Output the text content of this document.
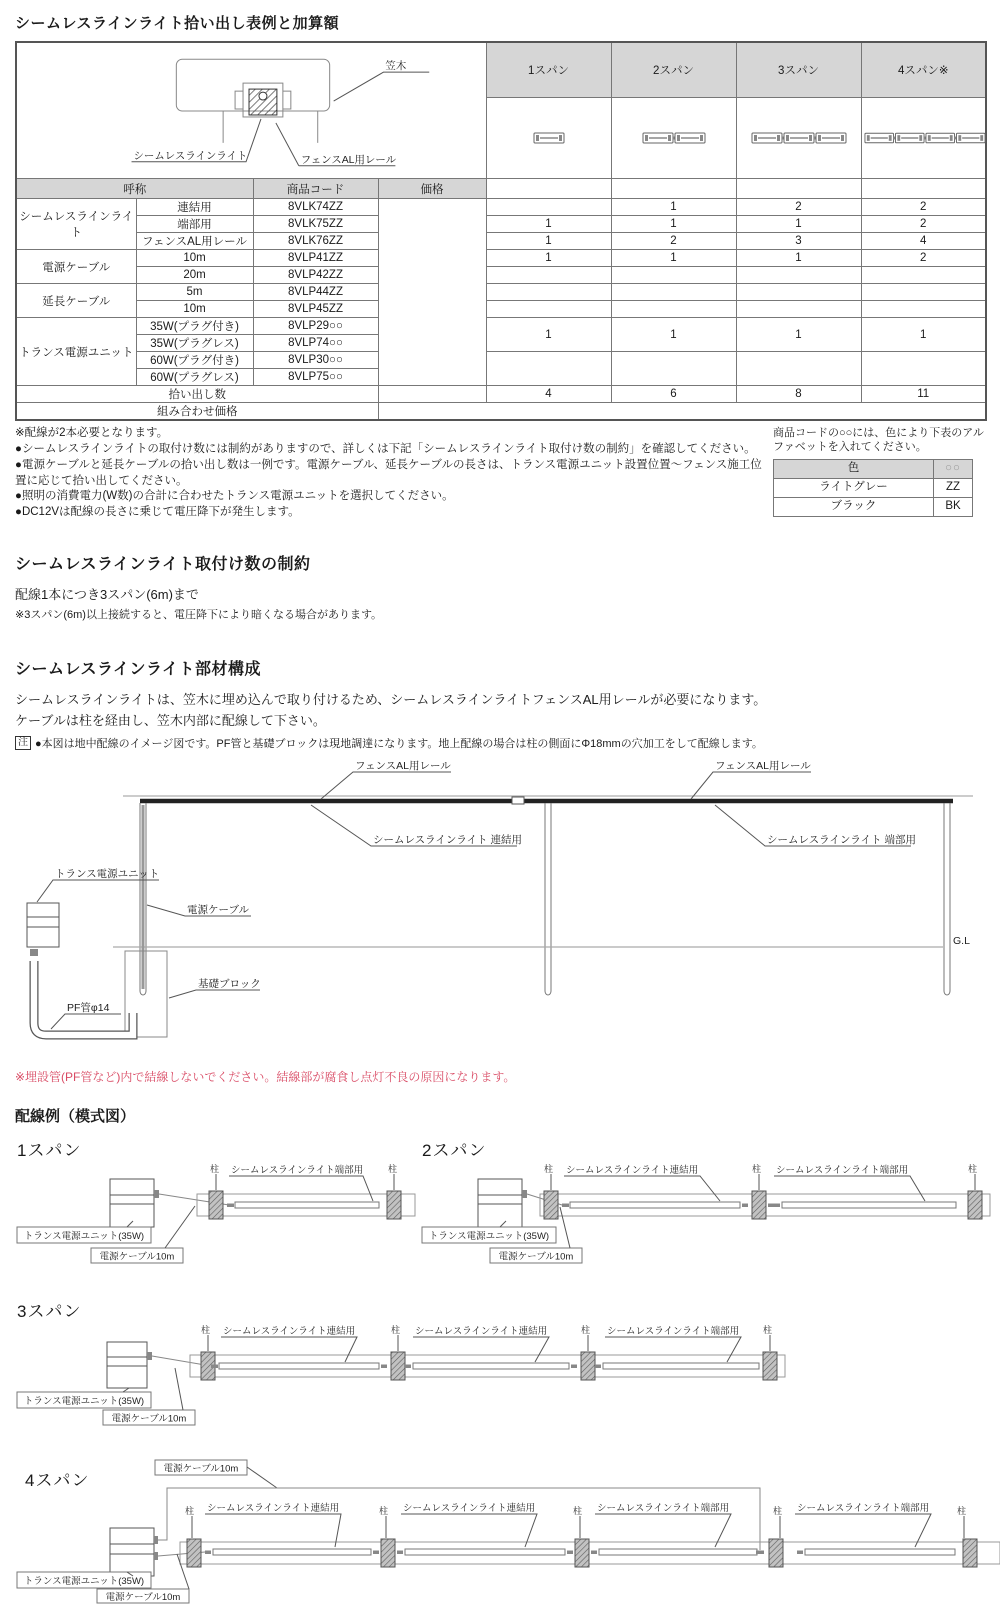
シームレスラインライト拾い出し表例と加算額
笠木
シームレスラインライト フェンスAL用レール				1スパン	2スパン	3スパン	4スパン※

呼称		商品コード	価格				
シームレスラインライト	連結用	8VLK74ZZ			1	2	2
	端部用	8VLK75ZZ		1	1	1	2
	フェンスAL用レール	8VLK76ZZ		1	2	3	4
電源ケーブル	10m	8VLP41ZZ		1	1	1	2
	20m	8VLP42ZZ					
延長ケーブル	5m	8VLP44ZZ					
	10m	8VLP45ZZ					
トランス電源ユニット	35W(プラグ付き)	8VLP29○○		1	1	1	1
	35W(プラグレス)	8VLP74○○					
	60W(プラグ付き)	8VLP30○○					
	60W(プラグレス)	8VLP75○○					
拾い出し数				4	6	8	11
組み合わせ価格							
※配線が2本必要となります。
●シームレスラインライトの取付け数には制約がありますので、詳しくは下記「シームレスラインライト取付け数の制約」を確認してください。
●電源ケーブルと延長ケーブルの拾い出し数は一例です。電源ケーブル、延長ケーブルの長さは、トランス電源ユニット設置位置～フェンス施工位置に応じて拾い出してください。
●照明の消費電力(W数)の合計に合わせたトランス電源ユニットを選択してください。
●DC12Vは配線の長さに乗じて電圧降下が発生します。

商品コードの○○には、色により下表のアルファベットを入れてください。

色	○○
ライトグレー	ZZ
ブラック	BK
シームレスラインライト取付け数の制約

配線1本につき3スパン(6m)まで

※3スパン(6m)以上接続すると、電圧降下により暗くなる場合があります。

シームレスラインライト部材構成

シームレスラインライトは、笠木に埋め込んで取り付けるため、シームレスラインライトフェンスAL用レールが必要になります。

ケーブルは柱を経由し、笠木内部に配線して下さい。

注 ●本図は地中配線のイメージ図です。PF管と基礎ブロックは現地調達になります。地上配線の場合は柱の側面にΦ18mmの穴加工をして配線します。

G.L
フェンスAL用レール	フェンスAL用レール
シームレスラインライト 連結用	シームレスラインライト 端部用
トランス電源ユニット
電源ケーブル
基礎ブロック
PF管φ14

※埋設管(PF管など)内で結線しないでください。結線部が腐食し点灯不良の原因になります。

配線例（模式図）
1スパン
柱	柱
シームレスラインライト端部用
トランス電源ユニット(35W)
電源ケーブル10m
2スパン
柱	柱	柱
シームレスラインライト連結用	シームレスラインライト端部用
トランス電源ユニット(35W)
電源ケーブル10m
3スパン
柱	柱	柱	柱
シームレスラインライト連結用	シームレスラインライト連結用	シームレスラインライト端部用
トランス電源ユニット(35W)
電源ケーブル10m
4スパン
電源ケーブル10m
柱	柱	柱	柱	柱
シームレスラインライト連結用	シームレスラインライト連結用	シームレスラインライト端部用	シームレスラインライト端部用
トランス電源ユニット(35W)
電源ケーブル10m
